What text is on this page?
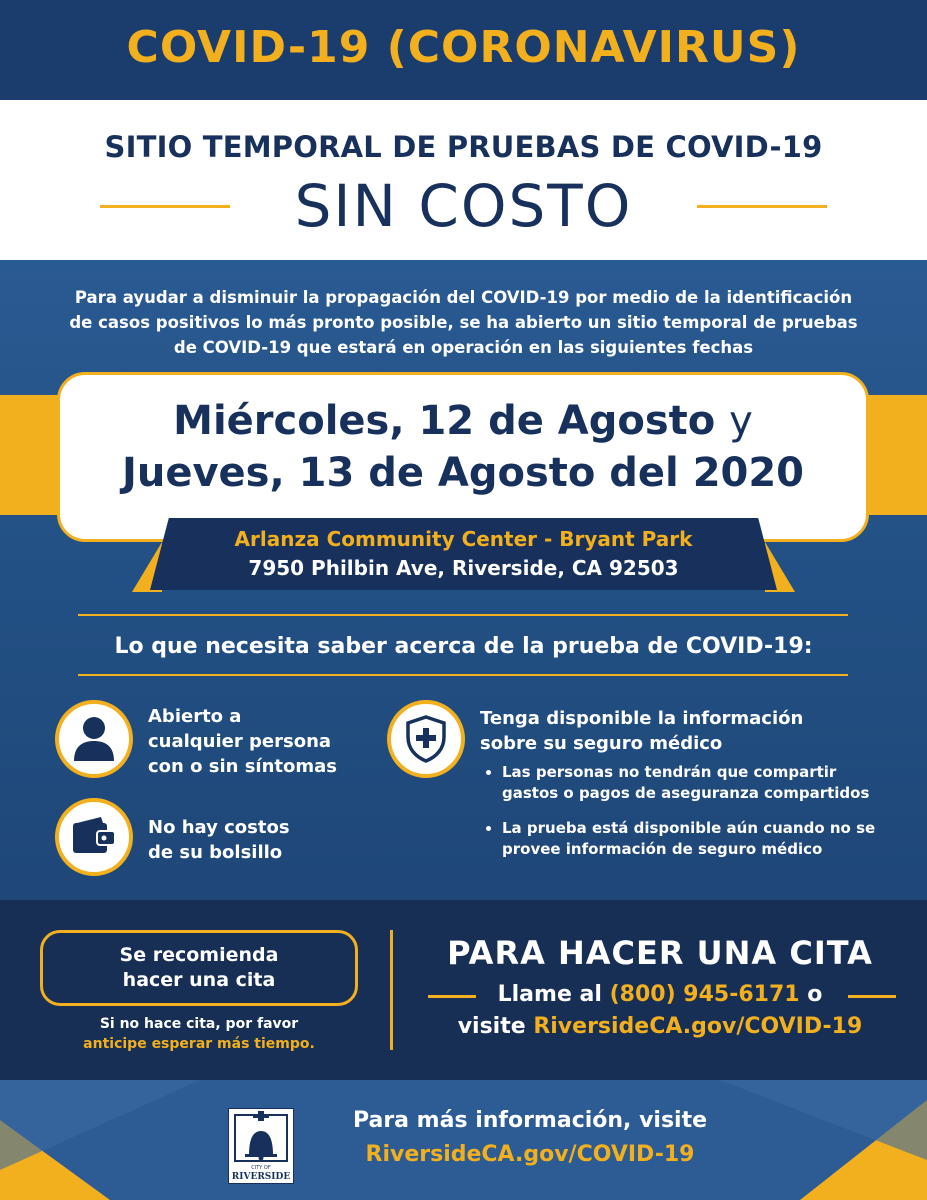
COVID-19 (CORONAVIRUS)
SITIO TEMPORAL DE PRUEBAS DE COVID-19
SIN COSTO
Para ayudar a disminuir la propagación del COVID-19 por medio de la identificación
de casos positivos lo más pronto posible, se ha abierto un sitio temporal de pruebas
de COVID-19 que estará en operación en las siguientes fechas
Miércoles, 12 de Agosto y
Jueves, 13 de Agosto del 2020
Arlanza Community Center - Bryant Park
7950 Philbin Ave, Riverside, CA 92503
Lo que necesita saber acerca de la prueba de COVID-19:
Abierto a
cualquier persona
con o sin síntomas
No hay costos
de su bolsillo
Tenga disponible la información
sobre su seguro médico
• Las personas no tendrán que compartir gastos o pagos de aseguranza compartidos
• La prueba está disponible aún cuando no se provee información de seguro médico
Se recomienda
hacer una cita
Si no hace cita, por favor
anticipe esperar más tiempo.
PARA HACER UNA CITA
Llame al (800) 945-6171 o
visite RiversideCA.gov/COVID-19
CITY OF
RIVERSIDE
Para más información, visite
RiversideCA.gov/COVID-19
